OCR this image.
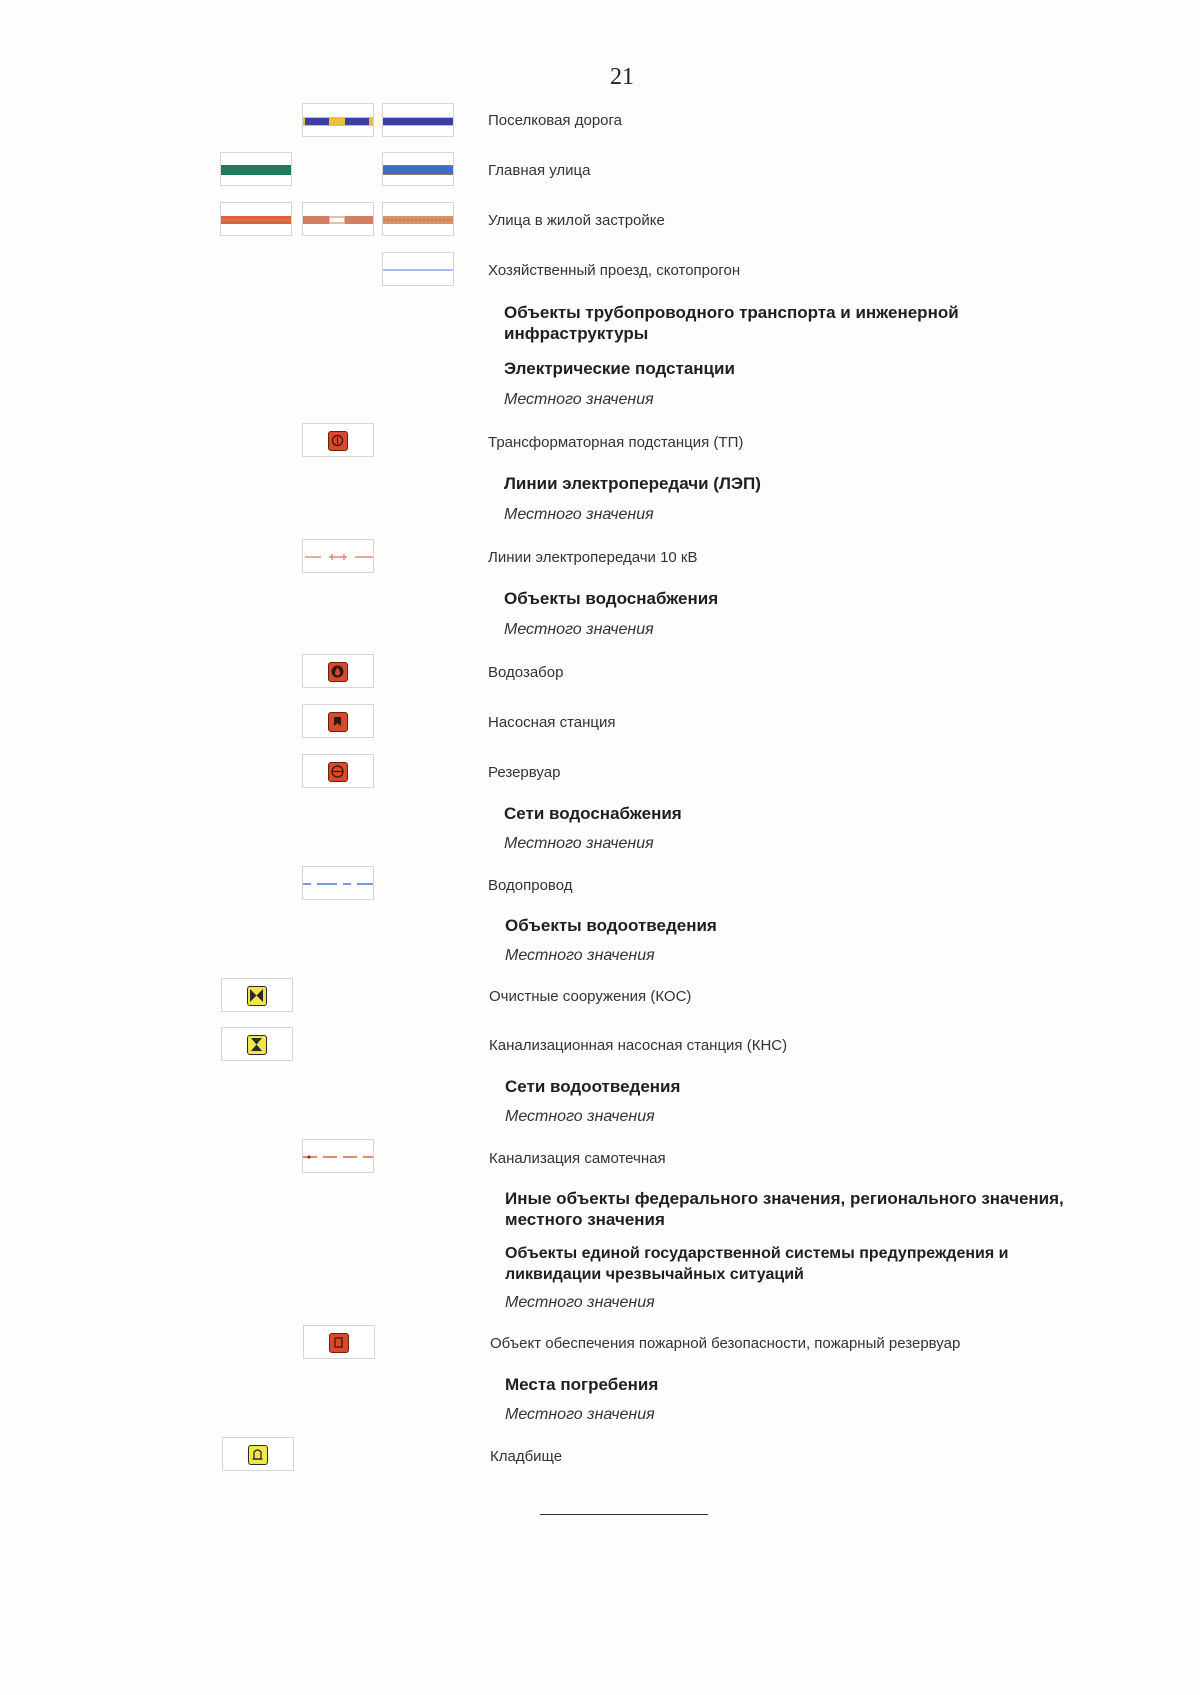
21
Поселковая дорога
Главная улица
Улица в жилой застройке
Хозяйственный проезд, скотопрогон
Объекты трубопроводного транспорта и инженерной инфраструктуры
Электрические подстанции
Местного значения
Трансформаторная подстанция (ТП)
Линии электропередачи (ЛЭП)
Местного значения
Линии электропередачи 10 кВ
Объекты водоснабжения
Местного значения
Водозабор
Насосная станция
Резервуар
Сети водоснабжения
Местного значения
Водопровод
Объекты водоотведения
Местного значения
Очистные сооружения (КОС)
Канализационная насосная станция (КНС)
Сети водоотведения
Местного значения
Канализация самотечная
Иные объекты федерального значения, регионального значения, местного значения
Объекты единой государственной системы предупреждения и ликвидации чрезвычайных ситуаций
Местного значения
Объект обеспечения пожарной безопасности, пожарный резервуар
Места погребения
Местного значения
Кладбище
